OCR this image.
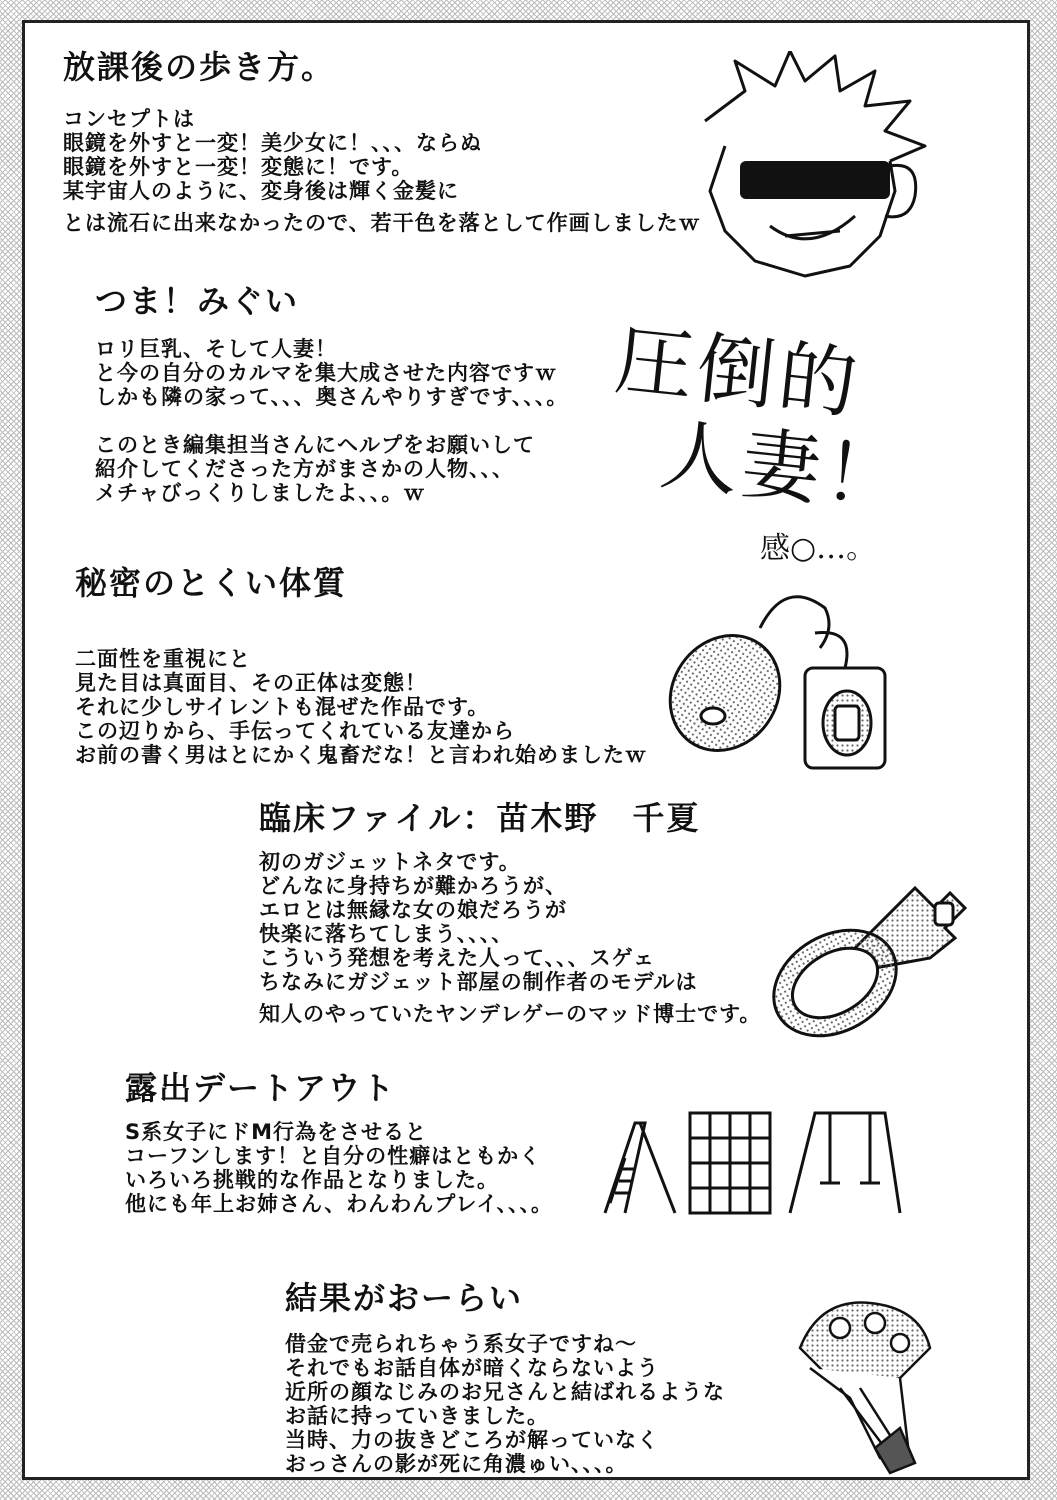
放課後の歩き方。

コンセプトは

眼鏡を外すと一変！美少女に！、、、ならぬ

眼鏡を外すと一変！変態に！です。

某宇宙人のように、変身後は輝く金髪に

とは流石に出来なかったので、若干色を落として作画しましたｗ

つま！みぐい

ロリ巨乳、そして人妻！

と今の自分のカルマを集大成させた内容ですｗ

しかも隣の家って、、、奥さんやりすぎです、、、。

このとき編集担当さんにヘルプをお願いして

紹介してくださった方がまさかの人物、、、

メチャびっくりしましたよ、、。ｗ

圧倒的
人妻！
感○…。
秘密のとくい体質

二面性を重視にと

見た目は真面目、その正体は変態！

それに少しサイレントも混ぜた作品です。

この辺りから、手伝ってくれている友達から

お前の書く男はとにかく鬼畜だな！と言われ始めましたｗ

臨床ファイル：苗木野　千夏

初のガジェットネタです。

どんなに身持ちが難かろうが、

エロとは無縁な女の娘だろうが

快楽に落ちてしまう、、、、

こういう発想を考えた人って、、、スゲェ

ちなみにガジェット部屋の制作者のモデルは

知人のやっていたヤンデレゲーのマッド博士です。

露出デートアウト

S系女子にドM行為をさせると

コーフンします！と自分の性癖はともかく

いろいろ挑戦的な作品となりました。

他にも年上お姉さん、わんわんプレイ、、、。

結果がおーらい

借金で売られちゃう系女子ですね～

それでもお話自体が暗くならないよう

近所の顔なじみのお兄さんと結ばれるような

お話に持っていきました。

当時、力の抜きどころが解っていなく

おっさんの影が死に角濃ゅい、、、。
